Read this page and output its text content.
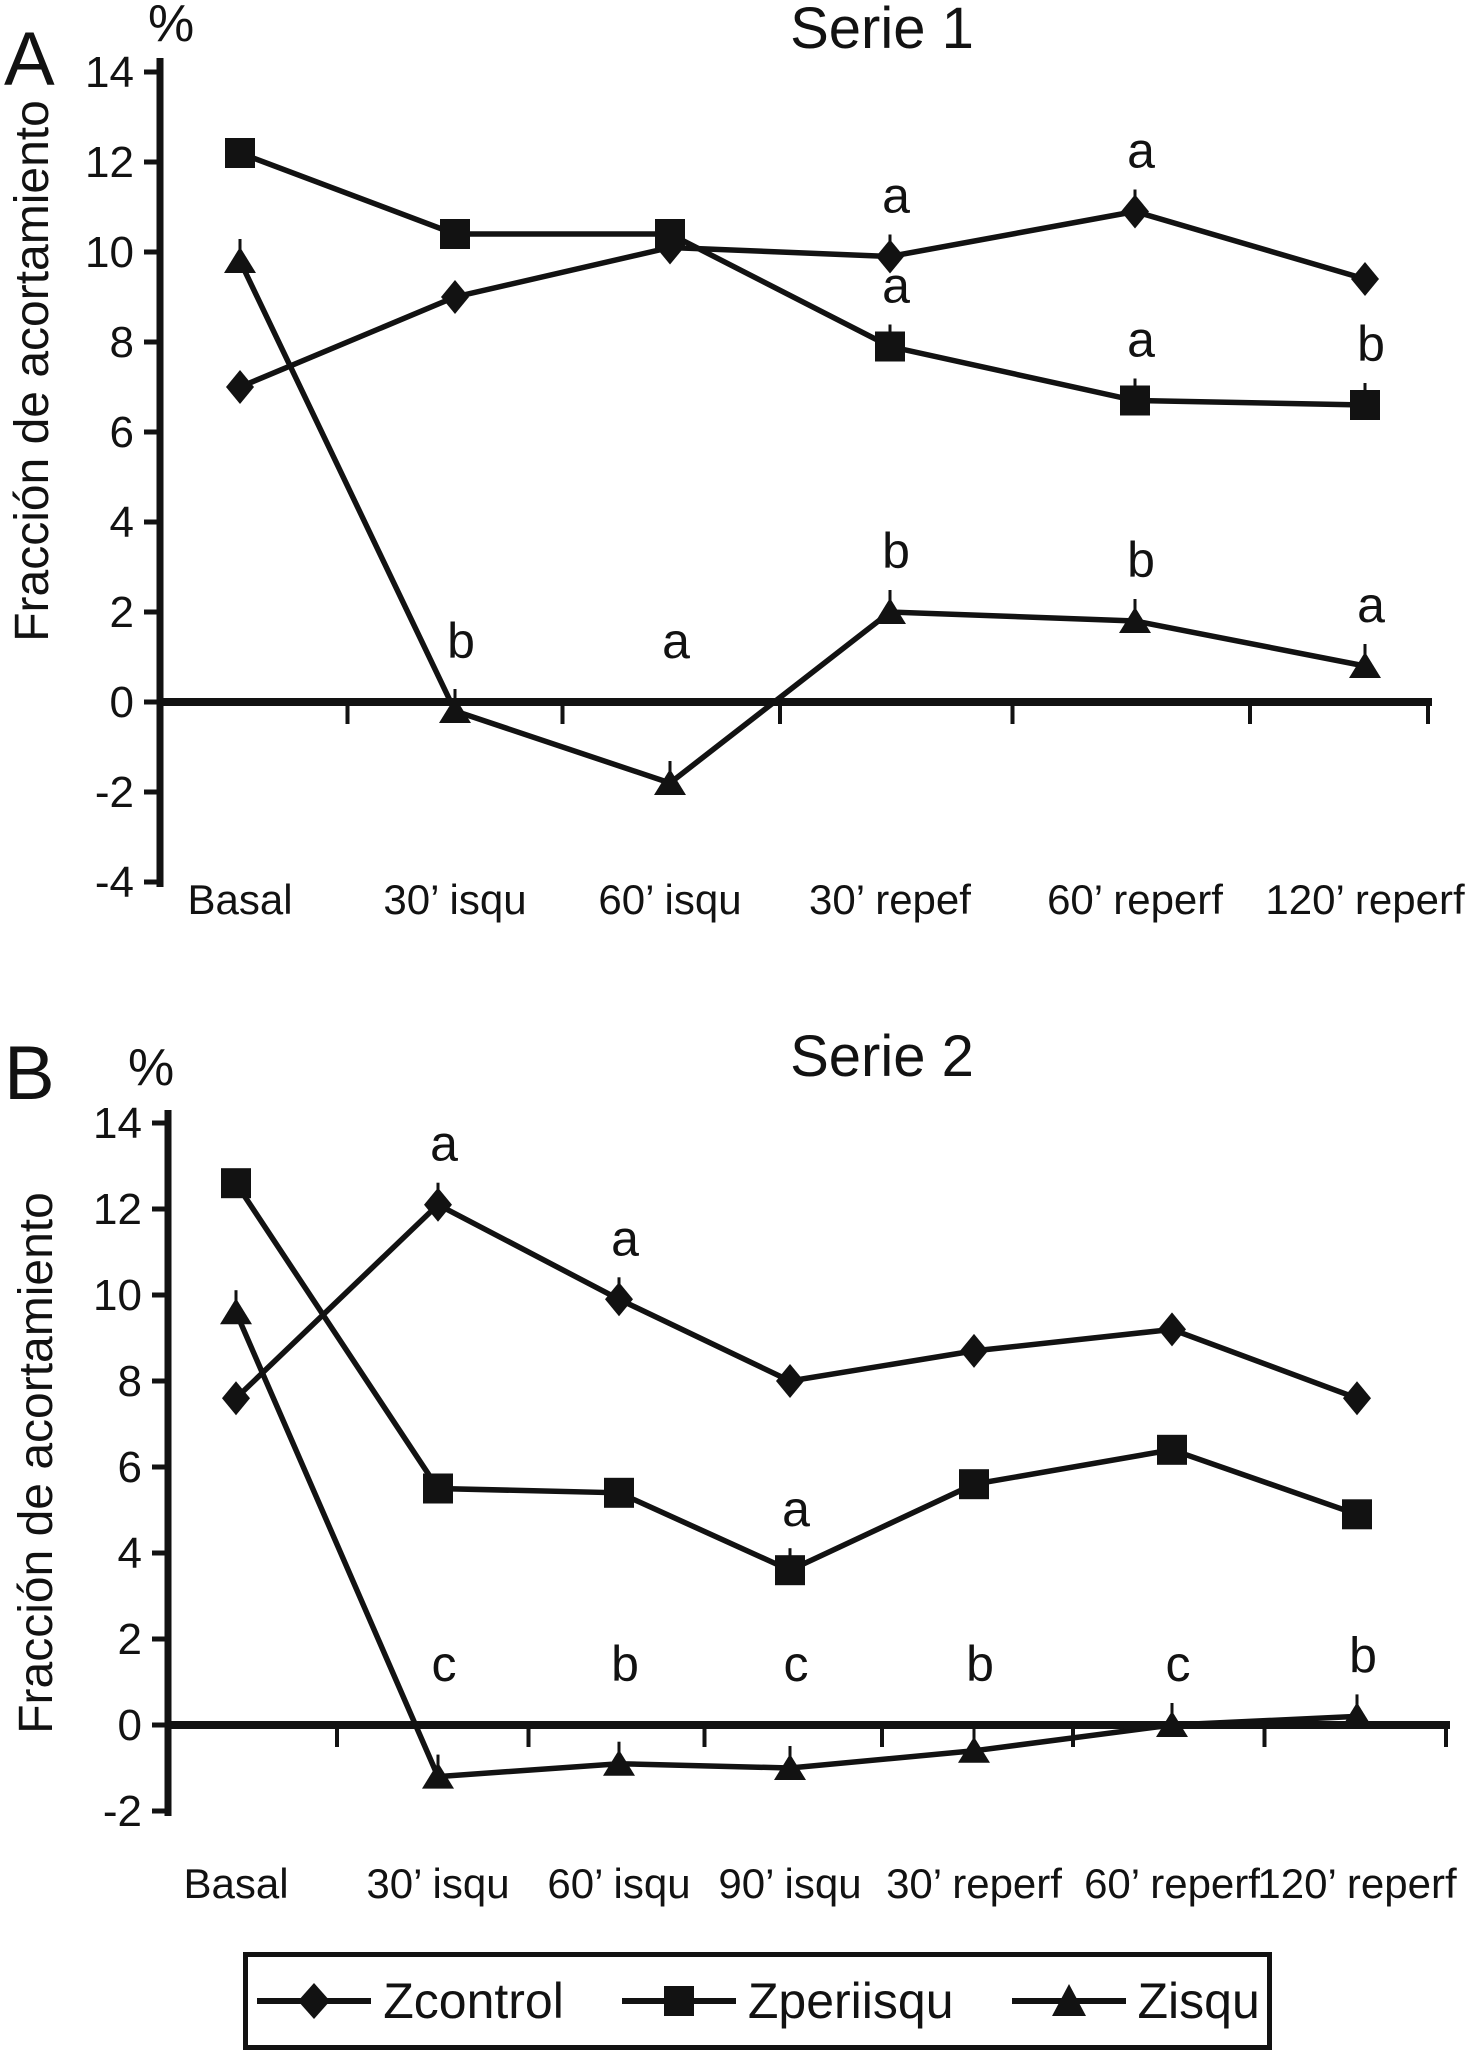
14
12
10
8
6
4
2
0
-2
-4 Basal 30’ isqu 60’ isqu 30’ repef 60’ reperf 120’ reperf
a
a
a
a	b
b	a
b	b
a
14
12
10
8
6
4
2
0
-2
Basal 30’ isqu 60’ isqu 90’ isqu 30’ reperf 60’ reperf
120’ reperf
a
a
a
c	b	c	b	c	b
A %	Serie 1
Fracción de acortamiento
B %	Serie 2
Fracción de acortamiento
Zcontrol	Zperiisqu	Zisqu
